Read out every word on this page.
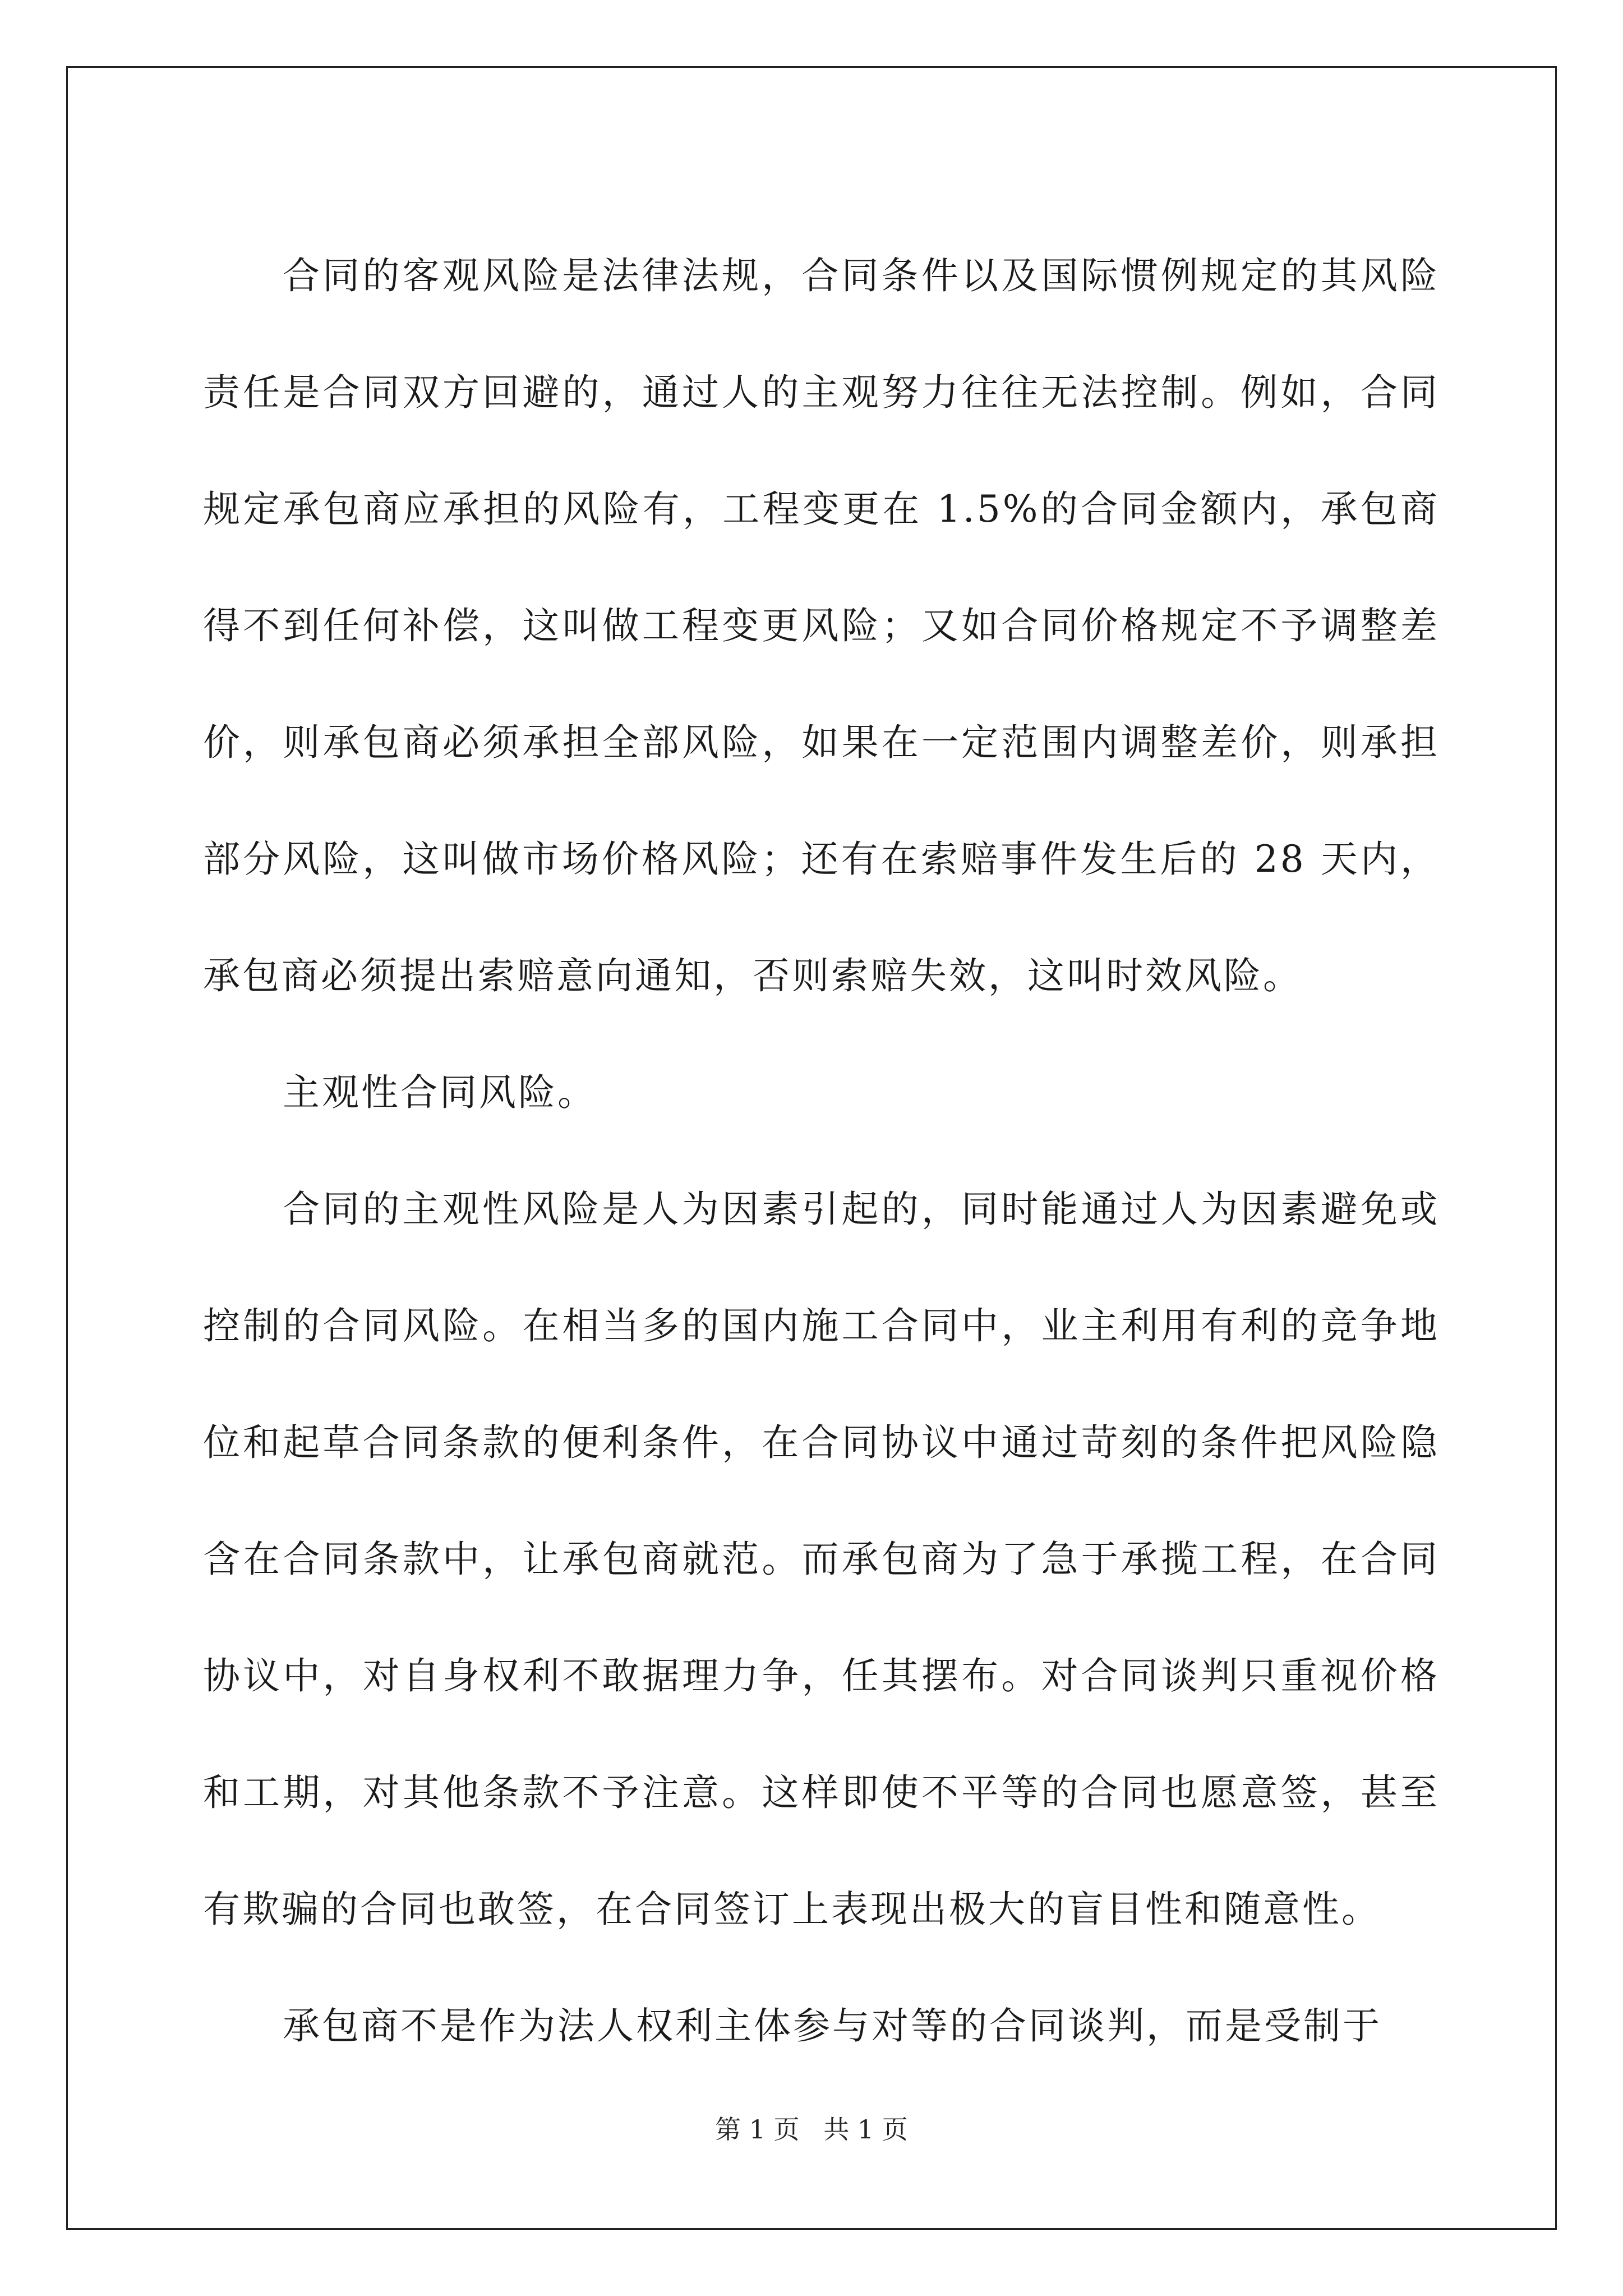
合同的客观风险是法律法规，合同条件以及国际惯例规定的其风险责任是合同双方回避的，通过人的主观努力往往无法控制。例如，合同规定承包商应承担的风险有，工程变更在 1.5%的合同金额内，承包商得不到任何补偿，这叫做工程变更风险；又如合同价格规定不予调整差价，则承包商必须承担全部风险，如果在一定范围内调整差价，则承担部分风险，这叫做市场价格风险；还有在索赔事件发生后的 28 天内，承包商必须提出索赔意向通知，否则索赔失效，这叫时效风险。

主观性合同风险。

合同的主观性风险是人为因素引起的，同时能通过人为因素避免或控制的合同风险。在相当多的国内施工合同中，业主利用有利的竞争地位和起草合同条款的便利条件，在合同协议中通过苛刻的条件把风险隐含在合同条款中，让承包商就范。而承包商为了急于承揽工程，在合同协议中，对自身权利不敢据理力争，任其摆布。对合同谈判只重视价格和工期，对其他条款不予注意。这样即使不平等的合同也愿意签，甚至有欺骗的合同也敢签，在合同签订上表现出极大的盲目性和随意性。

承包商不是作为法人权利主体参与对等的合同谈判，而是受制于

第 1 页 共 1 页
